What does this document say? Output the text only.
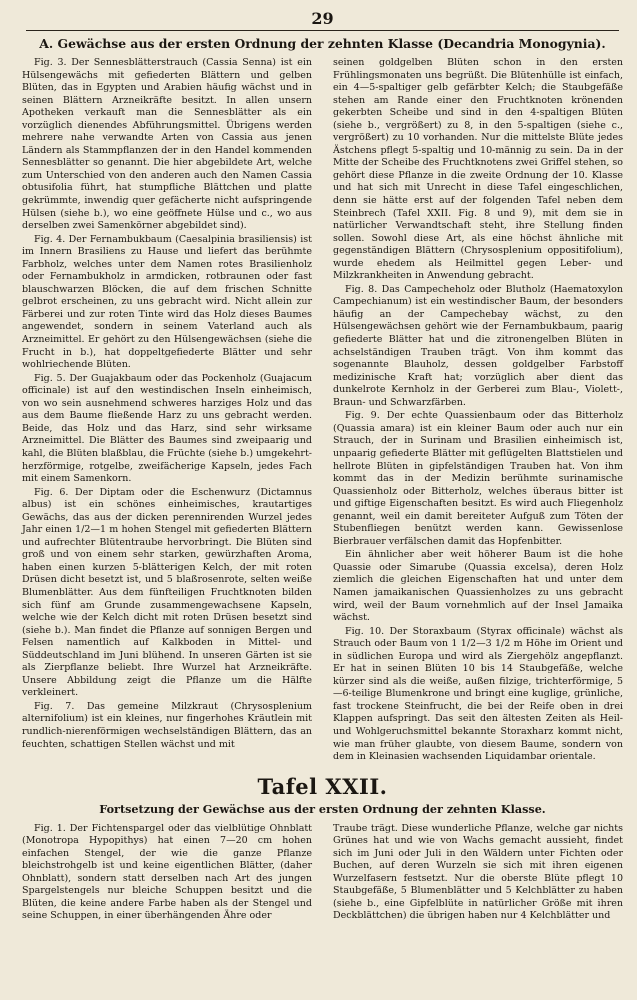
29
A. Gewächse aus der ersten Ordnung der zehnten Klasse (Decandria Monogynia).

Fig. 3. Der Sennesblätterstrauch (Cassia Senna) ist ein Hülsengewächs mit gefiederten Blättern und gelben Blüten, das in Egypten und Arabien häufig wächst und in seinen Blättern Arzneikräfte besitzt. In allen unsern Apotheken verkauft man die Sennesblätter als ein vorzüglich dienendes Abführungsmittel. Übrigens werden mehrere nahe verwandte Arten von Cassia aus jenen Ländern als Stammpflanzen der in den Handel kommenden Sennesblätter so genannt. Die hier abgebildete Art, welche zum Unterschied von den anderen auch den Namen Cassia obtusifolia führt, hat stumpfliche Blättchen und platte gekrümmte, inwendig quer gefächerte nicht aufspringende Hülsen (siehe b.), wo eine geöffnete Hülse und c., wo aus derselben zwei Samenkörner abgebildet sind).

Fig. 4. Der Fernambukbaum (Caesalpinia brasiliensis) ist im Innern Brasiliens zu Hause und liefert das berühmte Farbholz, welches unter dem Namen rotes Brasilienholz oder Fernambukholz in armdicken, rotbraunen oder fast blauschwarzen Blöcken, die auf dem frischen Schnitte gelbrot erscheinen, zu uns gebracht wird. Nicht allein zur Färberei und zur roten Tinte wird das Holz dieses Baumes angewendet, sondern in seinem Vaterland auch als Arzneimittel. Er gehört zu den Hülsengewächsen (siehe die Frucht in b.), hat doppeltgefiederte Blätter und sehr wohlriechende Blüten.

Fig. 5. Der Guajakbaum oder das Pockenholz (Guajacum officinale) ist auf den westindischen Inseln einheimisch, von wo sein ausnehmend schweres harziges Holz und das aus dem Baume fließende Harz zu uns gebracht werden. Beide, das Holz und das Harz, sind sehr wirksame Arzneimittel. Die Blätter des Baumes sind zweipaarig und kahl, die Blüten blaßblau, die Früchte (siehe b.) umgekehrt-herzförmige, rotgelbe, zweifächerige Kapseln, jedes Fach mit einem Samenkorn.

Fig. 6. Der Diptam oder die Eschenwurz (Dictamnus albus) ist ein schönes einheimisches, krautartiges Gewächs, das aus der dicken perennirenden Wurzel jedes Jahr einen 1/2—1 m hohen Stengel mit gefiederten Blättern und aufrechter Blütentraube hervorbringt. Die Blüten sind groß und von einem sehr starken, gewürzhaften Aroma, haben einen kurzen 5-blätterigen Kelch, der mit roten Drüsen dicht besetzt ist, und 5 blaßrosenrote, selten weiße Blumenblätter. Aus dem fünfteiligen Fruchtknoten bilden sich fünf am Grunde zusammengewachsene Kapseln, welche wie der Kelch dicht mit roten Drüsen besetzt sind (siehe b.). Man findet die Pflanze auf sonnigen Bergen und Felsen namentlich auf Kalkboden in Mittel- und Süddeutschland im Juni blühend. In unseren Gärten ist sie als Zierpflanze beliebt. Ihre Wurzel hat Arzneikräfte. Unsere Abbildung zeigt die Pflanze um die Hälfte verkleinert.

Fig. 7. Das gemeine Milzkraut (Chrysosplenium alternifolium) ist ein kleines, nur fingerhohes Kräutlein mit rundlich-nierenförmigen wechselständigen Blättern, das an feuchten, schattigen Stellen wächst und mit

seinen goldgelben Blüten schon in den ersten Frühlingsmonaten uns begrüßt. Die Blütenhülle ist einfach, ein 4—5-spaltiger gelb gefärbter Kelch; die Staubgefäße stehen am Rande einer den Fruchtknoten krönenden gekerbten Scheibe und sind in den 4-spaltigen Blüten (siehe b., vergrößert) zu 8, in den 5-spaltigen (siehe c., vergrößert) zu 10 vorhanden. Nur die mittelste Blüte jedes Ästchens pflegt 5-spaltig und 10-männig zu sein. Da in der Mitte der Scheibe des Fruchtknotens zwei Griffel stehen, so gehört diese Pflanze in die zweite Ordnung der 10. Klasse und hat sich mit Unrecht in diese Tafel eingeschlichen, denn sie hätte erst auf der folgenden Tafel neben dem Steinbrech (Tafel XXII. Fig. 8 und 9), mit dem sie in natürlicher Verwandtschaft steht, ihre Stellung finden sollen. Sowohl diese Art, als eine höchst ähnliche mit gegenständigen Blättern (Chrysosplenium oppositifolium), wurde ehedem als Heilmittel gegen Leber- und Milzkrankheiten in Anwendung gebracht.

Fig. 8. Das Campecheholz oder Blutholz (Haematoxylon Campechianum) ist ein westindischer Baum, der besonders häufig an der Campechebay wächst, zu den Hülsengewächsen gehört wie der Fernambukbaum, paarig gefiederte Blätter hat und die zitronengelben Blüten in achselständigen Trauben trägt. Von ihm kommt das sogenannte Blauholz, dessen goldgelber Farbstoff medizinische Kraft hat; vorzüglich aber dient das dunkelrote Kernholz in der Gerberei zum Blau-, Violett-, Braun- und Schwarzfärben.

Fig. 9. Der echte Quassienbaum oder das Bitterholz (Quassia amara) ist ein kleiner Baum oder auch nur ein Strauch, der in Surinam und Brasilien einheimisch ist, unpaarig gefiederte Blätter mit geflügelten Blattstielen und hellrote Blüten in gipfelständigen Trauben hat. Von ihm kommt das in der Medizin berühmte surinamische Quassienholz oder Bitterholz, welches überaus bitter ist und giftige Eigenschaften besitzt. Es wird auch Fliegenholz genannt, weil ein damit bereiteter Aufguß zum Töten der Stubenfliegen benützt werden kann. Gewissenlose Bierbrauer verfälschen damit das Hopfenbitter.

Ein ähnlicher aber weit höherer Baum ist die hohe Quassie oder Simarube (Quassia excelsa), deren Holz ziemlich die gleichen Eigenschaften hat und unter dem Namen jamaikanischen Quassienholzes zu uns gebracht wird, weil der Baum vornehmlich auf der Insel Jamaika wächst.

Fig. 10. Der Storaxbaum (Styrax officinale) wächst als Strauch oder Baum von 1 1/2—3 1/2 m Höhe im Orient und in südlichen Europa und wird als Ziergehölz angepflanzt. Er hat in seinen Blüten 10 bis 14 Staubgefäße, welche kürzer sind als die weiße, außen filzige, trichterförmige, 5—6-teilige Blumenkrone und bringt eine kuglige, grünliche, fast trockene Steinfrucht, die bei der Reife oben in drei Klappen aufspringt. Das seit den ältesten Zeiten als Heil- und Wohlgeruchsmittel bekannte Storaxharz kommt nicht, wie man früher glaubte, von diesem Baume, sondern von dem in Kleinasien wachsenden Liquidambar orientale.

Tafel XXII.
Fortsetzung der Gewächse aus der ersten Ordnung der zehnten Klasse.

Fig. 1. Der Fichtenspargel oder das vielblütige Ohnblatt (Monotropa Hypopithys) hat einen 7—20 cm hohen einfachen Stengel, der wie die ganze Pflanze bleichstrohgelb ist und keine eigentlichen Blätter, (daher Ohnblatt), sondern statt derselben nach Art des jungen Spargelstengels nur bleiche Schuppen besitzt und die Blüten, die keine andere Farbe haben als der Stengel und seine Schuppen, in einer überhängenden Ähre oder

Traube trägt. Diese wunderliche Pflanze, welche gar nichts Grünes hat und wie von Wachs gemacht aussieht, findet sich im Juni oder Juli in den Wäldern unter Fichten oder Buchen, auf deren Wurzeln sie sich mit ihren eigenen Wurzelfasern festsetzt. Nur die oberste Blüte pflegt 10 Staubgefäße, 5 Blumenblätter und 5 Kelchblätter zu haben (siehe b., eine Gipfelblüte in natürlicher Größe mit ihren Deckblättchen) die übrigen haben nur 4 Kelchblätter und
